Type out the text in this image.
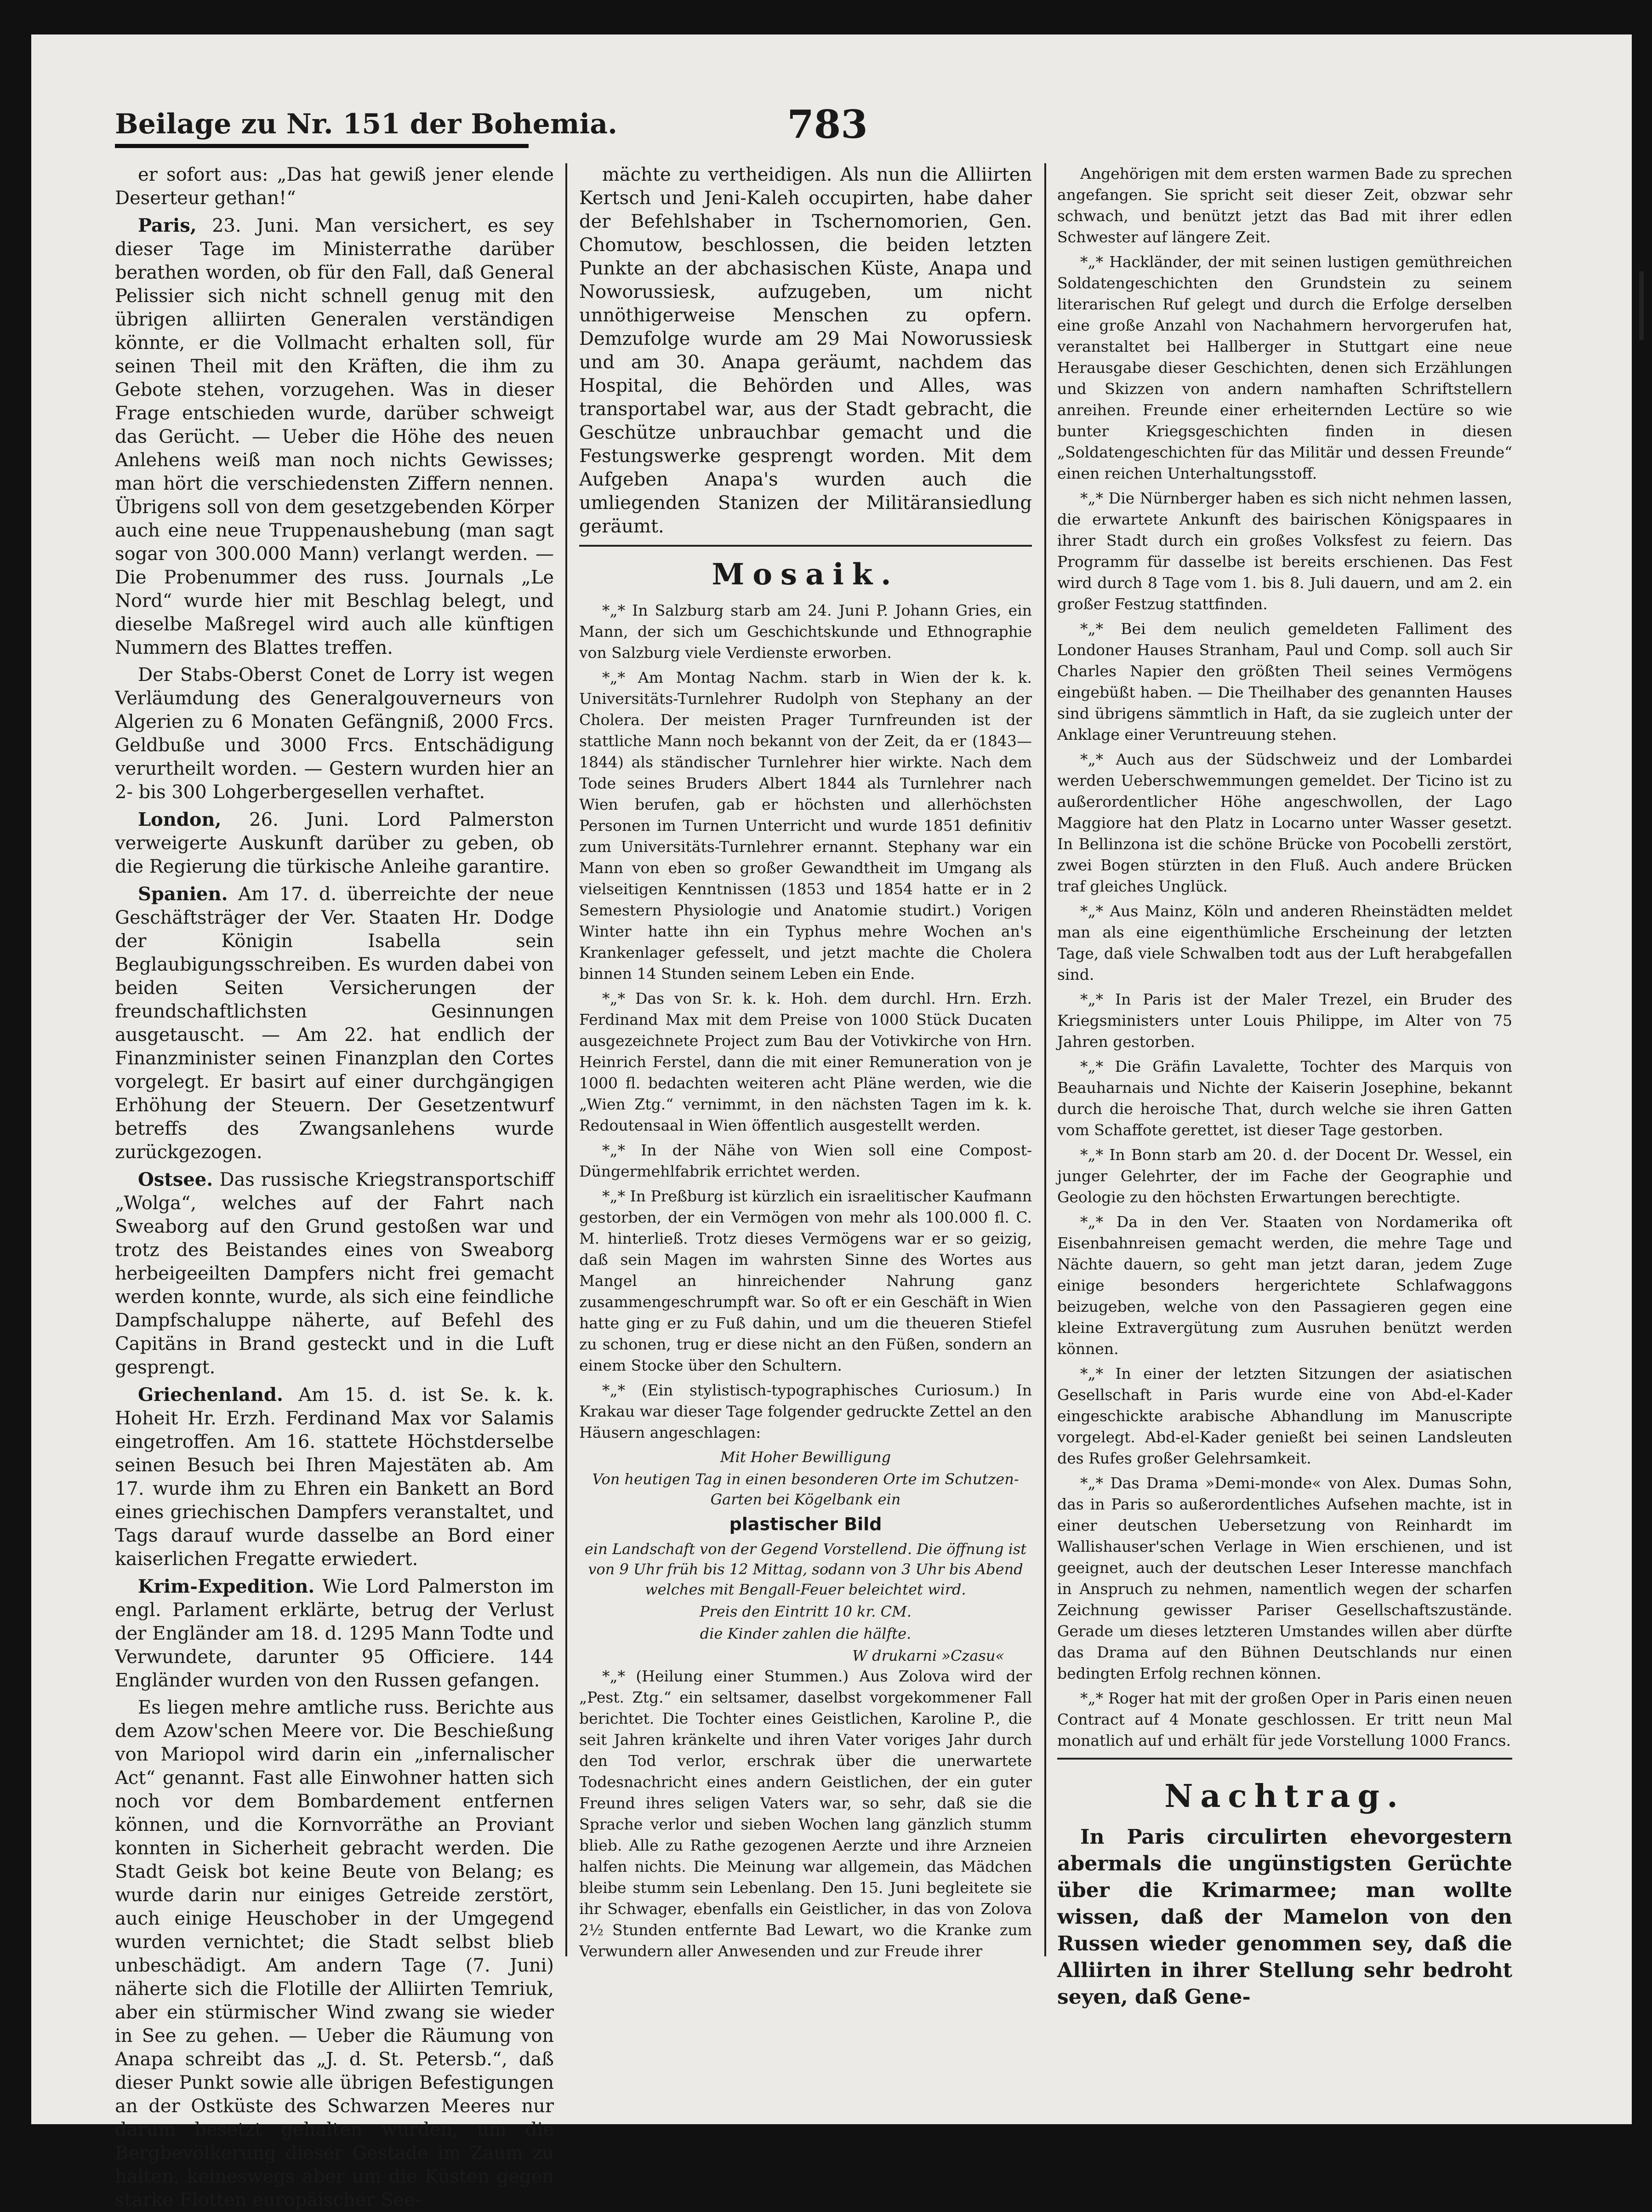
Beilage zu Nr. 151 der Bohemia.	783

er sofort aus: „Das hat gewiß jener elende Deserteur gethan!“

Paris, 23. Juni. Man versichert, es sey dieser Tage im Ministerrathe darüber berathen worden, ob für den Fall, daß General Pelissier sich nicht schnell genug mit den übrigen alliirten Generalen verständigen könnte, er die Vollmacht erhalten soll, für seinen Theil mit den Kräften, die ihm zu Gebote stehen, vorzugehen. Was in dieser Frage entschieden wurde, darüber schweigt das Gerücht. — Ueber die Höhe des neuen Anlehens weiß man noch nichts Gewisses; man hört die verschiedensten Ziffern nennen. Übrigens soll von dem gesetzgebenden Körper auch eine neue Truppenaushebung (man sagt sogar von 300.000 Mann) verlangt werden. — Die Probenummer des russ. Journals „Le Nord“ wurde hier mit Beschlag belegt, und dieselbe Maßregel wird auch alle künftigen Nummern des Blattes treffen.

Der Stabs-Oberst Conet de Lorry ist wegen Verläumdung des Generalgouverneurs von Algerien zu 6 Monaten Gefängniß, 2000 Frcs. Geldbuße und 3000 Frcs. Entschädigung verurtheilt worden. — Gestern wurden hier an 2- bis 300 Lohgerbergesellen verhaftet.

London, 26. Juni. Lord Palmerston verweigerte Auskunft darüber zu geben, ob die Regierung die türkische Anleihe garantire.

Spanien. Am 17. d. überreichte der neue Geschäftsträger der Ver. Staaten Hr. Dodge der Königin Isabella sein Beglaubigungsschreiben. Es wurden dabei von beiden Seiten Versicherungen der freundschaftlichsten Gesinnungen ausgetauscht. — Am 22. hat endlich der Finanzminister seinen Finanzplan den Cortes vorgelegt. Er basirt auf einer durchgängigen Erhöhung der Steuern. Der Gesetzentwurf betreffs des Zwangsanlehens wurde zurückgezogen.

Ostsee. Das russische Kriegstransportschiff „Wolga“, welches auf der Fahrt nach Sweaborg auf den Grund gestoßen war und trotz des Beistandes eines von Sweaborg herbeigeeilten Dampfers nicht frei gemacht werden konnte, wurde, als sich eine feindliche Dampfschaluppe näherte, auf Befehl des Capitäns in Brand gesteckt und in die Luft gesprengt.

Griechenland. Am 15. d. ist Se. k. k. Hoheit Hr. Erzh. Ferdinand Max vor Salamis eingetroffen. Am 16. stattete Höchstderselbe seinen Besuch bei Ihren Majestäten ab. Am 17. wurde ihm zu Ehren ein Bankett an Bord eines griechischen Dampfers veranstaltet, und Tags darauf wurde dasselbe an Bord einer kaiserlichen Fregatte erwiedert.

Krim-Expedition. Wie Lord Palmerston im engl. Parlament erklärte, betrug der Verlust der Engländer am 18. d. 1295 Mann Todte und Verwundete, darunter 95 Officiere. 144 Engländer wurden von den Russen gefangen.

Es liegen mehre amtliche russ. Berichte aus dem Azow'schen Meere vor. Die Beschießung von Mariopol wird darin ein „infernalischer Act“ genannt. Fast alle Einwohner hatten sich noch vor dem Bombardement entfernen können, und die Kornvorräthe an Proviant konnten in Sicherheit gebracht werden. Die Stadt Geisk bot keine Beute von Belang; es wurde darin nur einiges Getreide zerstört, auch einige Heuschober in der Umgegend wurden vernichtet; die Stadt selbst blieb unbeschädigt. Am andern Tage (7. Juni) näherte sich die Flotille der Alliirten Temriuk, aber ein stürmischer Wind zwang sie wieder in See zu gehen. — Ueber die Räumung von Anapa schreibt das „J. d. St. Petersb.“, daß dieser Punkt sowie alle übrigen Befestigungen an der Ostküste des Schwarzen Meeres nur darum besetzt gehalten wurden, um die Bergbevölkerung dieser Gestade im Zaum zu halten, keineswegs aber um die Küsten gegen starke Flotten europäischer See-

mächte zu vertheidigen. Als nun die Alliirten Kertsch und Jeni-Kaleh occupirten, habe daher der Befehlshaber in Tschernomorien, Gen. Chomutow, beschlossen, die beiden letzten Punkte an der abchasischen Küste, Anapa und Noworussiesk, aufzugeben, um nicht unnöthigerweise Menschen zu opfern. Demzufolge wurde am 29 Mai Noworussiesk und am 30. Anapa geräumt, nachdem das Hospital, die Behörden und Alles, was transportabel war, aus der Stadt gebracht, die Geschütze unbrauchbar gemacht und die Festungswerke gesprengt worden. Mit dem Aufgeben Anapa's wurden auch die umliegenden Stanizen der Militäransiedlung geräumt.

Mosaik.

*„* In Salzburg starb am 24. Juni P. Johann Gries, ein Mann, der sich um Geschichtskunde und Ethnographie von Salzburg viele Verdienste erworben.

*„* Am Montag Nachm. starb in Wien der k. k. Universitäts-Turnlehrer Rudolph von Stephany an der Cholera. Der meisten Prager Turnfreunden ist der stattliche Mann noch bekannt von der Zeit, da er (1843—1844) als ständischer Turnlehrer hier wirkte. Nach dem Tode seines Bruders Albert 1844 als Turnlehrer nach Wien berufen, gab er höchsten und allerhöchsten Personen im Turnen Unterricht und wurde 1851 definitiv zum Universitäts-Turnlehrer ernannt. Stephany war ein Mann von eben so großer Gewandtheit im Umgang als vielseitigen Kenntnissen (1853 und 1854 hatte er in 2 Semestern Physiologie und Anatomie studirt.) Vorigen Winter hatte ihn ein Typhus mehre Wochen an's Krankenlager gefesselt, und jetzt machte die Cholera binnen 14 Stunden seinem Leben ein Ende.

*„* Das von Sr. k. k. Hoh. dem durchl. Hrn. Erzh. Ferdinand Max mit dem Preise von 1000 Stück Ducaten ausgezeichnete Project zum Bau der Votivkirche von Hrn. Heinrich Ferstel, dann die mit einer Remuneration von je 1000 fl. bedachten weiteren acht Pläne werden, wie die „Wien Ztg.“ vernimmt, in den nächsten Tagen im k. k. Redoutensaal in Wien öffentlich ausgestellt werden.

*„* In der Nähe von Wien soll eine Compost-Düngermehlfabrik errichtet werden.

*„* In Preßburg ist kürzlich ein israelitischer Kaufmann gestorben, der ein Vermögen von mehr als 100.000 fl. C. M. hinterließ. Trotz dieses Vermögens war er so geizig, daß sein Magen im wahrsten Sinne des Wortes aus Mangel an hinreichender Nahrung ganz zusammengeschrumpft war. So oft er ein Geschäft in Wien hatte ging er zu Fuß dahin, und um die theueren Stiefel zu schonen, trug er diese nicht an den Füßen, sondern an einem Stocke über den Schultern.

*„* (Ein stylistisch-typographisches Curiosum.) In Krakau war dieser Tage folgender gedruckte Zettel an den Häusern angeschlagen:

Mit Hoher Bewilligung
Von heutigen Tag in einen besonderen Orte im Schutzen-Garten bei Kögelbank ein
plastischer Bild
ein Landschaft von der Gegend Vorstellend. Die öffnung ist von 9 Uhr früh bis 12 Mittag, sodann von 3 Uhr bis Abend welches mit Bengall-Feuer beleichtet wird.
Preis den Eintritt 10 kr. CM.
die Kinder zahlen die hälfte.
W drukarni »Czasu«

*„* (Heilung einer Stummen.) Aus Zolova wird der „Pest. Ztg.“ ein seltsamer, daselbst vorgekommener Fall berichtet. Die Tochter eines Geistlichen, Karoline P., die seit Jahren kränkelte und ihren Vater voriges Jahr durch den Tod verlor, erschrak über die unerwartete Todesnachricht eines andern Geistlichen, der ein guter Freund ihres seligen Vaters war, so sehr, daß sie die Sprache verlor und sieben Wochen lang gänzlich stumm blieb. Alle zu Rathe gezogenen Aerzte und ihre Arzneien halfen nichts. Die Meinung war allgemein, das Mädchen bleibe stumm sein Lebenlang. Den 15. Juni begleitete sie ihr Schwager, ebenfalls ein Geistlicher, in das von Zolova 2½ Stunden entfernte Bad Lewart, wo die Kranke zum Verwundern aller Anwesenden und zur Freude ihrer

Angehörigen mit dem ersten warmen Bade zu sprechen angefangen. Sie spricht seit dieser Zeit, obzwar sehr schwach, und benützt jetzt das Bad mit ihrer edlen Schwester auf längere Zeit.

*„* Hackländer, der mit seinen lustigen gemüthreichen Soldatengeschichten den Grundstein zu seinem literarischen Ruf gelegt und durch die Erfolge derselben eine große Anzahl von Nachahmern hervorgerufen hat, veranstaltet bei Hallberger in Stuttgart eine neue Herausgabe dieser Geschichten, denen sich Erzählungen und Skizzen von andern namhaften Schriftstellern anreihen. Freunde einer erheiternden Lectüre so wie bunter Kriegsgeschichten finden in diesen „Soldatengeschichten für das Militär und dessen Freunde“ einen reichen Unterhaltungsstoff.

*„* Die Nürnberger haben es sich nicht nehmen lassen, die erwartete Ankunft des bairischen Königspaares in ihrer Stadt durch ein großes Volksfest zu feiern. Das Programm für dasselbe ist bereits erschienen. Das Fest wird durch 8 Tage vom 1. bis 8. Juli dauern, und am 2. ein großer Festzug stattfinden.

*„* Bei dem neulich gemeldeten Falliment des Londoner Hauses Stranham, Paul und Comp. soll auch Sir Charles Napier den größten Theil seines Vermögens eingebüßt haben. — Die Theilhaber des genannten Hauses sind übrigens sämmtlich in Haft, da sie zugleich unter der Anklage einer Veruntreuung stehen.

*„* Auch aus der Südschweiz und der Lombardei werden Ueberschwemmungen gemeldet. Der Ticino ist zu außerordentlicher Höhe angeschwollen, der Lago Maggiore hat den Platz in Locarno unter Wasser gesetzt. In Bellinzona ist die schöne Brücke von Pocobelli zerstört, zwei Bogen stürzten in den Fluß. Auch andere Brücken traf gleiches Unglück.

*„* Aus Mainz, Köln und anderen Rheinstädten meldet man als eine eigenthümliche Erscheinung der letzten Tage, daß viele Schwalben todt aus der Luft herabgefallen sind.

*„* In Paris ist der Maler Trezel, ein Bruder des Kriegsministers unter Louis Philippe, im Alter von 75 Jahren gestorben.

*„* Die Gräfin Lavalette, Tochter des Marquis von Beauharnais und Nichte der Kaiserin Josephine, bekannt durch die heroische That, durch welche sie ihren Gatten vom Schaffote gerettet, ist dieser Tage gestorben.

*„* In Bonn starb am 20. d. der Docent Dr. Wessel, ein junger Gelehrter, der im Fache der Geographie und Geologie zu den höchsten Erwartungen berechtigte.

*„* Da in den Ver. Staaten von Nordamerika oft Eisenbahnreisen gemacht werden, die mehre Tage und Nächte dauern, so geht man jetzt daran, jedem Zuge einige besonders hergerichtete Schlafwaggons beizugeben, welche von den Passagieren gegen eine kleine Extravergütung zum Ausruhen benützt werden können.

*„* In einer der letzten Sitzungen der asiatischen Gesellschaft in Paris wurde eine von Abd-el-Kader eingeschickte arabische Abhandlung im Manuscripte vorgelegt. Abd-el-Kader genießt bei seinen Landsleuten des Rufes großer Gelehrsamkeit.

*„* Das Drama »Demi-monde« von Alex. Dumas Sohn, das in Paris so außerordentliches Aufsehen machte, ist in einer deutschen Uebersetzung von Reinhardt im Wallishauser'schen Verlage in Wien erschienen, und ist geeignet, auch der deutschen Leser Interesse manchfach in Anspruch zu nehmen, namentlich wegen der scharfen Zeichnung gewisser Pariser Gesellschaftszustände. Gerade um dieses letzteren Umstandes willen aber dürfte das Drama auf den Bühnen Deutschlands nur einen bedingten Erfolg rechnen können.

*„* Roger hat mit der großen Oper in Paris einen neuen Contract auf 4 Monate geschlossen. Er tritt neun Mal monatlich auf und erhält für jede Vorstellung 1000 Francs.

Nachtrag.

In Paris circulirten ehevorgestern abermals die ungünstigsten Gerüchte über die Krimarmee; man wollte wissen, daß der Mamelon von den Russen wieder genommen sey, daß die Alliirten in ihrer Stellung sehr bedroht seyen, daß Gene-
